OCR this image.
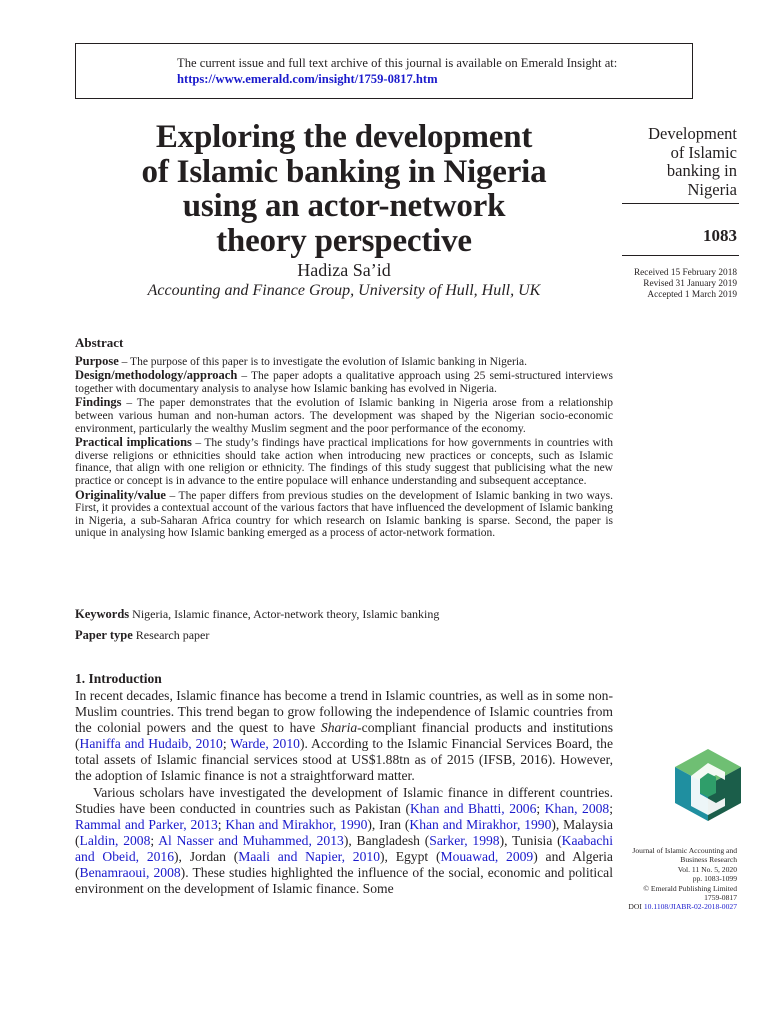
The current issue and full text archive of this journal is available on Emerald Insight at:
https://www.emerald.com/insight/1759-0817.htm
Exploring the development
of Islamic banking in Nigeria
using an actor-network
theory perspective
Hadiza Sa’id
Accounting and Finance Group, University of Hull, Hull, UK
Development
of Islamic
banking in
Nigeria
1083
Received 15 February 2018
Revised 31 January 2019
Accepted 1 March 2019
Abstract
Purpose – The purpose of this paper is to investigate the evolution of Islamic banking in Nigeria.
Design/methodology/approach – The paper adopts a qualitative approach using 25 semi-structured interviews together with documentary analysis to analyse how Islamic banking has evolved in Nigeria.
Findings – The paper demonstrates that the evolution of Islamic banking in Nigeria arose from a relationship between various human and non-human actors. The development was shaped by the Nigerian socio-economic environment, particularly the wealthy Muslim segment and the poor performance of the economy.
Practical implications – The study’s findings have practical implications for how governments in countries with diverse religions or ethnicities should take action when introducing new practices or concepts, such as Islamic finance, that align with one religion or ethnicity. The findings of this study suggest that publicising what the new practice or concept is in advance to the entire populace will enhance understanding and subsequent acceptance.
Originality/value – The paper differs from previous studies on the development of Islamic banking in two ways. First, it provides a contextual account of the various factors that have influenced the development of Islamic banking in Nigeria, a sub-Saharan Africa country for which research on Islamic banking is sparse. Second, the paper is unique in analysing how Islamic banking emerged as a process of actor-network formation.
Keywords Nigeria, Islamic finance, Actor-network theory, Islamic banking
Paper type Research paper
1. Introduction

In recent decades, Islamic finance has become a trend in Islamic countries, as well as in some non-Muslim countries. This trend began to grow following the independence of Islamic countries from the colonial powers and the quest to have Sharia-compliant financial products and institutions (Haniffa and Hudaib, 2010; Warde, 2010). According to the Islamic Financial Services Board, the total assets of Islamic financial services stood at US$1.88tn as of 2015 (IFSB, 2016). However, the adoption of Islamic finance is not a straightforward matter.

Various scholars have investigated the development of Islamic finance in different countries. Studies have been conducted in countries such as Pakistan (Khan and Bhatti, 2006; Khan, 2008; Rammal and Parker, 2013; Khan and Mirakhor, 1990), Iran (Khan and Mirakhor, 1990), Malaysia (Laldin, 2008; Al Nasser and Muhammed, 2013), Bangladesh (Sarker, 1998), Tunisia (Kaabachi and Obeid, 2016), Jordan (Maali and Napier, 2010), Egypt (Mouawad, 2009) and Algeria (Benamraoui, 2008). These studies highlighted the influence of the social, economic and political environment on the development of Islamic finance. Some

Journal of Islamic Accounting and
Business Research
Vol. 11 No. 5, 2020
pp. 1083-1099
© Emerald Publishing Limited
1759-0817
DOI 10.1108/JIABR-02-2018-0027
